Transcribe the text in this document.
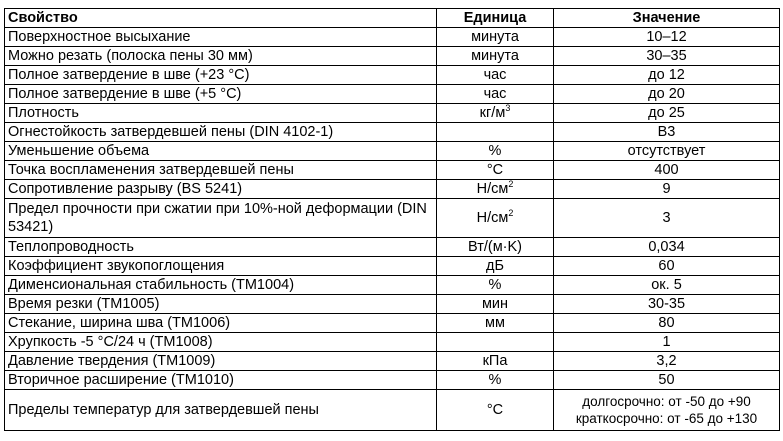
Свойство	Единица	Значение
Поверхностное высыхание	минута	10–12
Можно резать (полоска пены 30 мм)	минута	30–35
Полное затвердение в шве (+23 °C)	час	до 12
Полное затвердение в шве (+5 °C)	час	до 20
Плотность	$кг/м^3$	до 25
Огнестойкость затвердевшей пены (DIN 4102-1)		B3
Уменьшение объема	%	отсутствует
Точка воспламенения затвердевшей пены	°C	400
Сопротивление разрыву (BS 5241)	$Н/см^2$	9
Предел прочности при сжатии при 10%-ной деформации (DIN 53421)	$Н/см^2$	3
Теплопроводность	Вт/(м·K)	0,034
Коэффициент звукопоглощения	дБ	60
Дименсиональная стабильность (TM1004)	%	ок. 5
Время резки (TM1005)	мин	30-35
Стекание, ширина шва (TM1006)	мм	80
Хрупкость -5 °C/24 ч (TM1008)		1
Давление твердения (TM1009)	кПа	3,2
Вторичное расширение (TM1010)	%	50
Пределы температур для затвердевшей пены	°C	долгосрочно: от -50 до +90
краткосрочно: от -65 до +130
